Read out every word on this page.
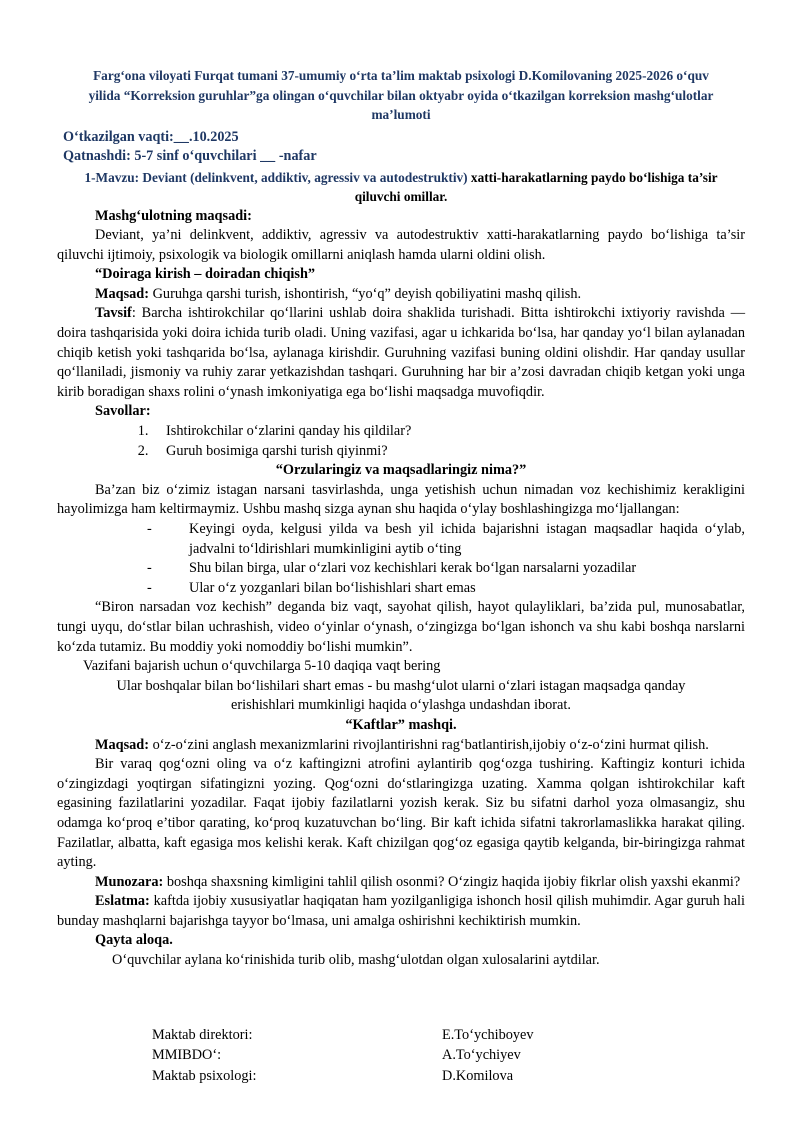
Farg‘ona viloyati Furqat tumani 37-umumiy o‘rta ta’lim maktab psixologi D.Komilovaning 2025-2026 o‘quv yilida “Korreksion guruhlar”ga olingan o‘quvchilar bilan oktyabr oyida o‘tkazilgan korreksion mashg‘ulotlar ma’lumoti

O‘tkazilgan vaqti:__.10.2025

Qatnashdi: 5-7 sinf o‘quvchilari __ -nafar

1-Mavzu: Deviant (delinkvent, addiktiv, agressiv va autodestruktiv) xatti-harakatlarning paydo bo‘lishiga ta’sir qiluvchi omillar.

Mashg‘ulotning maqsadi:

Deviant, ya’ni delinkvent, addiktiv, agressiv va autodestruktiv xatti-harakatlarning paydo bo‘lishiga ta’sir qiluvchi ijtimoiy, psixologik va biologik omillarni aniqlash hamda ularni oldini olish.

“Doiraga kirish – doiradan chiqish”

Maqsad: Guruhga qarshi turish, ishontirish, “yo‘q” deyish qobiliyatini mashq qilish.

Tavsif: Barcha ishtirokchilar qo‘llarini ushlab doira shaklida turishadi. Bitta ishtirokchi ixtiyoriy ravishda — doira tashqarisida yoki doira ichida turib oladi. Uning vazifasi, agar u ichkarida bo‘lsa, har qanday yo‘l bilan aylanadan chiqib ketish yoki tashqarida bo‘lsa, aylanaga kirishdir. Guruhning vazifasi buning oldini olishdir. Har qanday usullar qo‘llaniladi, jismoniy va ruhiy zarar yetkazishdan tashqari. Guruhning har bir a’zosi davradan chiqib ketgan yoki unga kirib boradigan shaxs rolini o‘ynash imkoniyatiga ega bo‘lishi maqsadga muvofiqdir.

Savollar:

1. Ishtirokchilar o‘zlarini qanday his qildilar?
2. Guruh bosimiga qarshi turish qiyinmi?

“Orzularingiz va maqsadlaringiz nima?”

Ba’zan biz o‘zimiz istagan narsani tasvirlashda, unga yetishish uchun nimadan voz kechishimiz kerakligini hayolimizga ham keltirmaymiz. Ushbu mashq sizga aynan shu haqida o‘ylay boshlashingizga mo‘ljallangan:

-	Keyingi oyda, kelgusi yilda va besh yil ichida bajarishni istagan maqsadlar haqida o‘ylab, jadvalni to‘ldirishlari mumkinligini aytib o‘ting
-	Shu bilan birga, ular o‘zlari voz kechishlari kerak bo‘lgan narsalarni yozadilar
-	Ular o‘z yozganlari bilan bo‘lishishlari shart emas

“Biron narsadan voz kechish” deganda biz vaqt, sayohat qilish, hayot qulayliklari, ba’zida pul, munosabatlar, tungi uyqu, do‘stlar bilan uchrashish, video o‘yinlar o‘ynash, o‘zingizga bo‘lgan ishonch va shu kabi boshqa narslarni ko‘zda tutamiz. Bu moddiy yoki nomoddiy bo‘lishi mumkin”.

Vazifani bajarish uchun o‘quvchilarga 5-10 daqiqa vaqt bering

Ular boshqalar bilan bo‘lishilari shart emas - bu mashg‘ulot ularni o‘zlari istagan maqsadga qanday erishishlari mumkinligi haqida o‘ylashga undashdan iborat.

“Kaftlar” mashqi.

Maqsad: o‘z-o‘zini anglash mexanizmlarini rivojlantirishni rag‘batlantirish,ijobiy o‘z-o‘zini hurmat qilish.

Bir varaq qog‘ozni oling va o‘z kaftingizni atrofini aylantirib qog‘ozga tushiring. Kaftingiz konturi ichida o‘zingizdagi yoqtirgan sifatingizni yozing. Qog‘ozni do‘stlaringizga uzating. Xamma qolgan ishtirokchilar kaft egasining fazilatlarini yozadilar. Faqat ijobiy fazilatlarni yozish kerak. Siz bu sifatni darhol yoza olmasangiz, shu odamga ko‘proq e’tibor qarating, ko‘proq kuzatuvchan bo‘ling. Bir kaft ichida sifatni takrorlamaslikka harakat qiling. Fazilatlar, albatta, kaft egasiga mos kelishi kerak. Kaft chizilgan qog‘oz egasiga qaytib kelganda, bir-biringizga rahmat ayting.

Munozara: boshqa shaxsning kimligini tahlil qilish osonmi? O‘zingiz haqida ijobiy fikrlar olish yaxshi ekanmi?

Eslatma: kaftda ijobiy xususiyatlar haqiqatan ham yozilganligiga ishonch hosil qilish muhimdir. Agar guruh hali bunday mashqlarni bajarishga tayyor bo‘lmasa, uni amalga oshirishni kechiktirish mumkin.

Qayta aloqa.

O‘quvchilar aylana ko‘rinishida turib olib, mashg‘ulotdan olgan xulosalarini aytdilar.

Maktab direktori:	E.To‘ychiboyev
MMIBDO‘:	A.To‘ychiyev
Maktab psixologi:	D.Komilova
